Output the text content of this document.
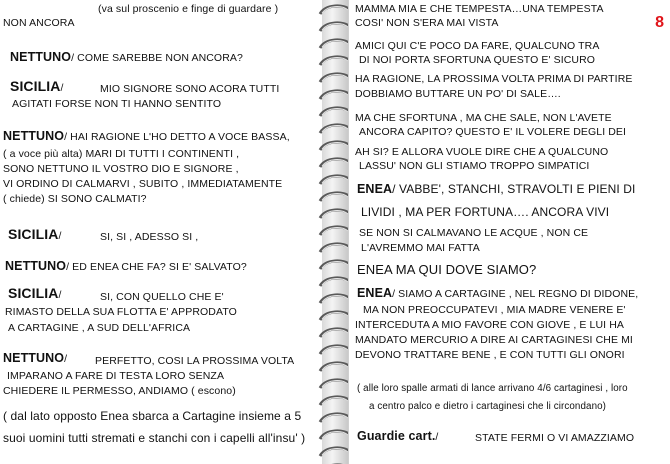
(va sul proscenio e finge di guardare )
NON ANCORA
NETTUNO/ COME SAREBBE NON ANCORA?
SICILIA/	MIO SIGNORE SONO ACORA TUTTI
AGITATI FORSE NON TI HANNO SENTITO
NETTUNO/ HAI RAGIONE L'HO DETTO A VOCE BASSA,
( a voce più alta) MARI DI TUTTI I CONTINENTI ,
SONO NETTUNO IL VOSTRO DIO E SIGNORE ,
VI ORDINO DI CALMARVI , SUBITO , IMMEDIATAMENTE
( chiede) SI SONO CALMATI?
SICILIA/	SI, SI , ADESSO SI ,
NETTUNO/ ED ENEA CHE FA? SI E' SALVATO?
SICILIA/	SI, CON QUELLO CHE E'
RIMASTO DELLA SUA FLOTTA E' APPRODATO
A CARTAGINE , A SUD DELL'AFRICA
NETTUNO/	PERFETTO, COSI LA PROSSIMA VOLTA
IMPARANO A FARE DI TESTA LORO SENZA
CHIEDERE IL PERMESSO, ANDIAMO ( escono)
( dal lato opposto Enea sbarca a Cartagine insieme a 5
suoi uomini tutti stremati e stanchi con i capelli all'insu' )
8
MAMMA MIA E CHE TEMPESTA…UNA TEMPESTA
COSI' NON S'ERA MAI VISTA
AMICI QUI C'E POCO DA FARE, QUALCUNO TRA
DI NOI PORTA SFORTUNA QUESTO E' SICURO
HA RAGIONE, LA PROSSIMA VOLTA PRIMA DI PARTIRE
DOBBIAMO BUTTARE UN PO' DI SALE….
MA CHE SFORTUNA , MA CHE SALE, NON L'AVETE
ANCORA CAPITO? QUESTO E' IL VOLERE DEGLI DEI
AH SI? E ALLORA VUOLE DIRE CHE A QUALCUNO
LASSU' NON GLI STIAMO TROPPO SIMPATICI
ENEA/ VABBE', STANCHI, STRAVOLTI E PIENI DI
LIVIDI , MA PER FORTUNA…. ANCORA VIVI
SE NON SI CALMAVANO LE ACQUE , NON CE
L'AVREMMO MAI FATTA
ENEA MA QUI DOVE SIAMO?
ENEA/ SIAMO A CARTAGINE , NEL REGNO DI DIDONE,
MA NON PREOCCUPATEVI , MIA MADRE VENERE E'
INTERCEDUTA A MIO FAVORE CON GIOVE , E LUI HA
MANDATO MERCURIO A DIRE AI CARTAGINESI CHE MI
DEVONO TRATTARE BENE , E CON TUTTI GLI ONORI
( alle loro spalle armati di lance arrivano 4/6 cartaginesi , loro
a centro palco e dietro i cartaginesi che li circondano)
Guardie cart./	STATE FERMI O VI AMAZZIAMO
